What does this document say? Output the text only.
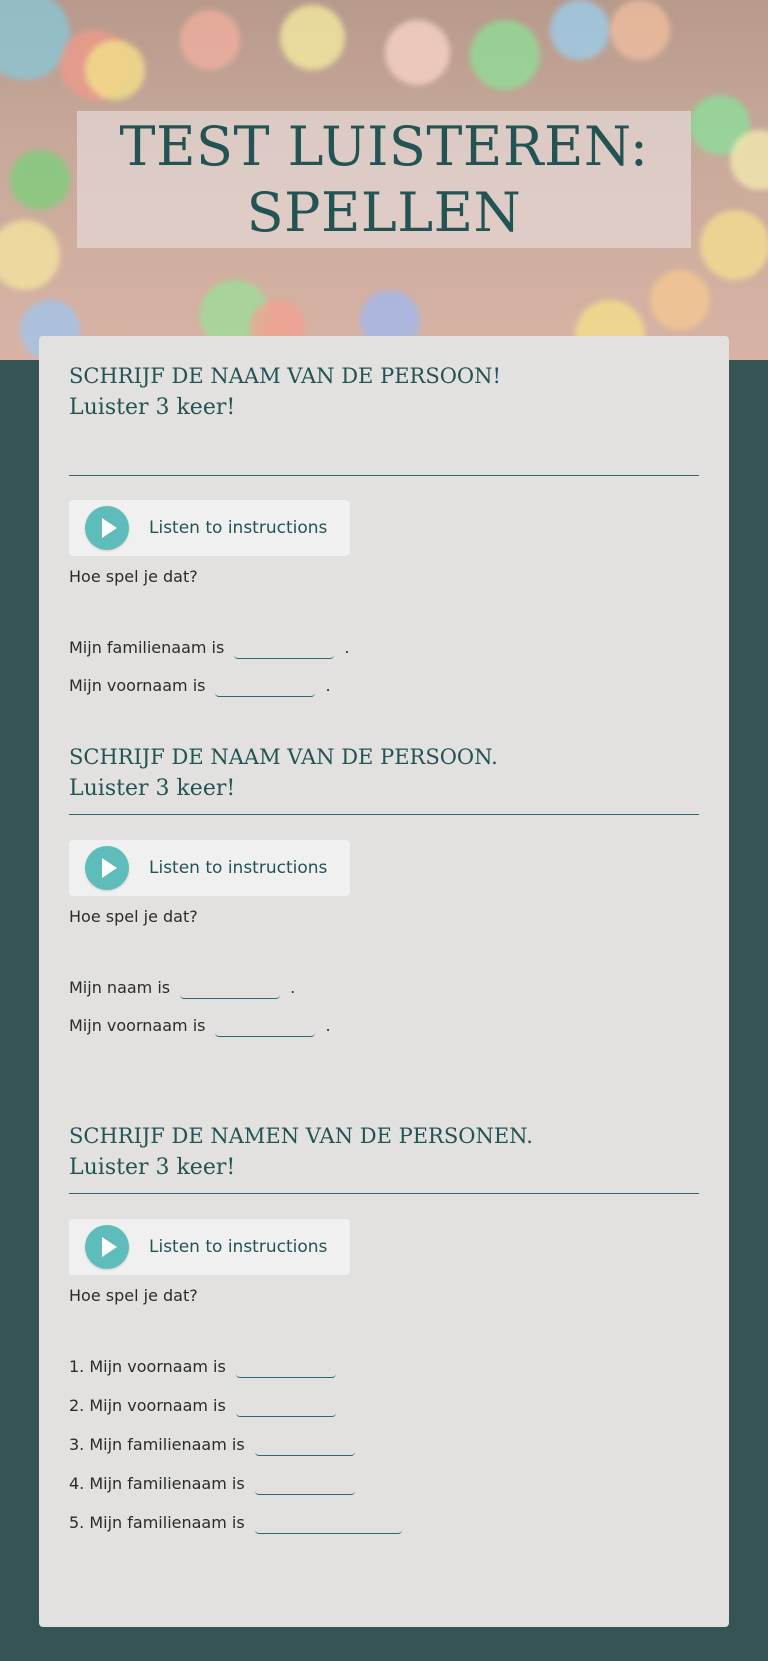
TEST LUISTEREN: SPELLEN
SCHRIJF DE NAAM VAN DE PERSOON!
Luister 3 keer!
Listen to instructions
Hoe spel je dat?
Mijn familienaam is	.
Mijn voornaam is	.
SCHRIJF DE NAAM VAN DE PERSOON.
Luister 3 keer!
Listen to instructions
Hoe spel je dat?
Mijn naam is	.
Mijn voornaam is	.
SCHRIJF DE NAMEN VAN DE PERSONEN.
Luister 3 keer!
Listen to instructions
Hoe spel je dat?
1. Mijn voornaam is
2. Mijn voornaam is
3. Mijn familienaam is
4. Mijn familienaam is
5. Mijn familienaam is
